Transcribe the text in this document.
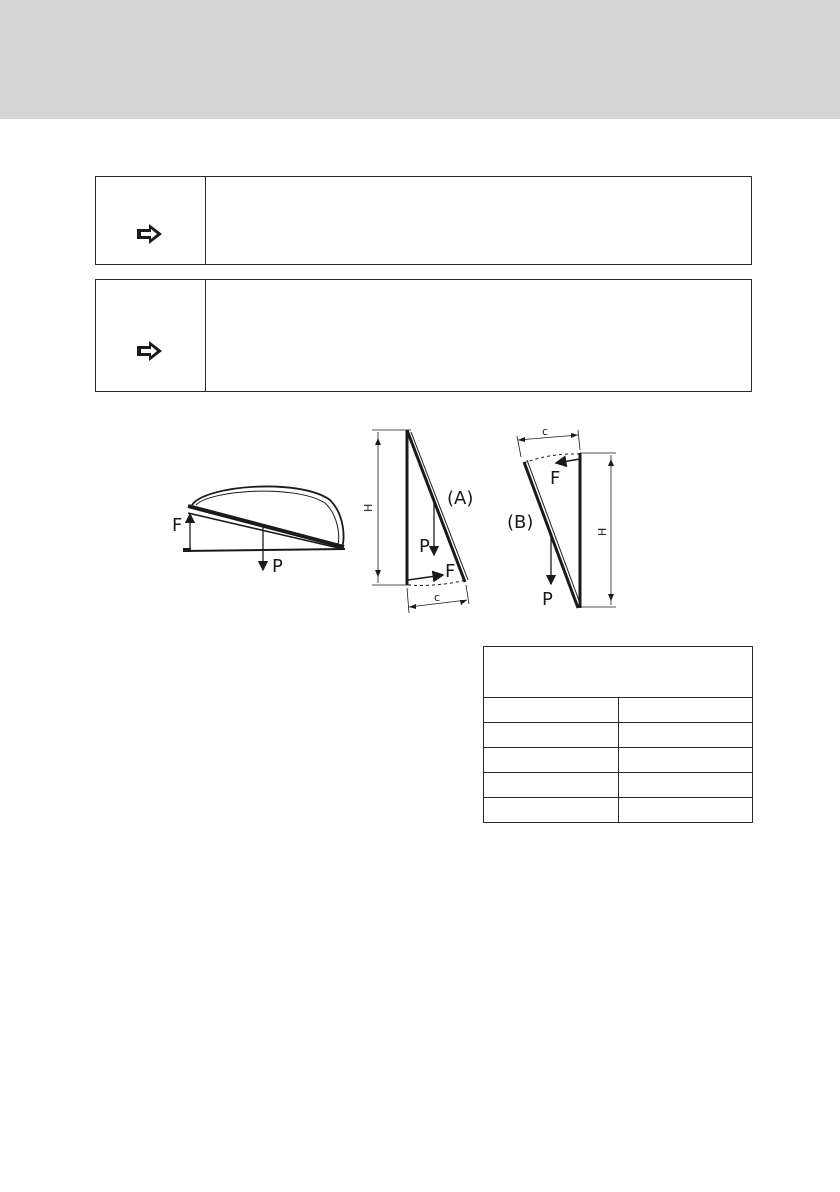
F
P
H	(A)
P
F
c
H
c
F
(B)
P
